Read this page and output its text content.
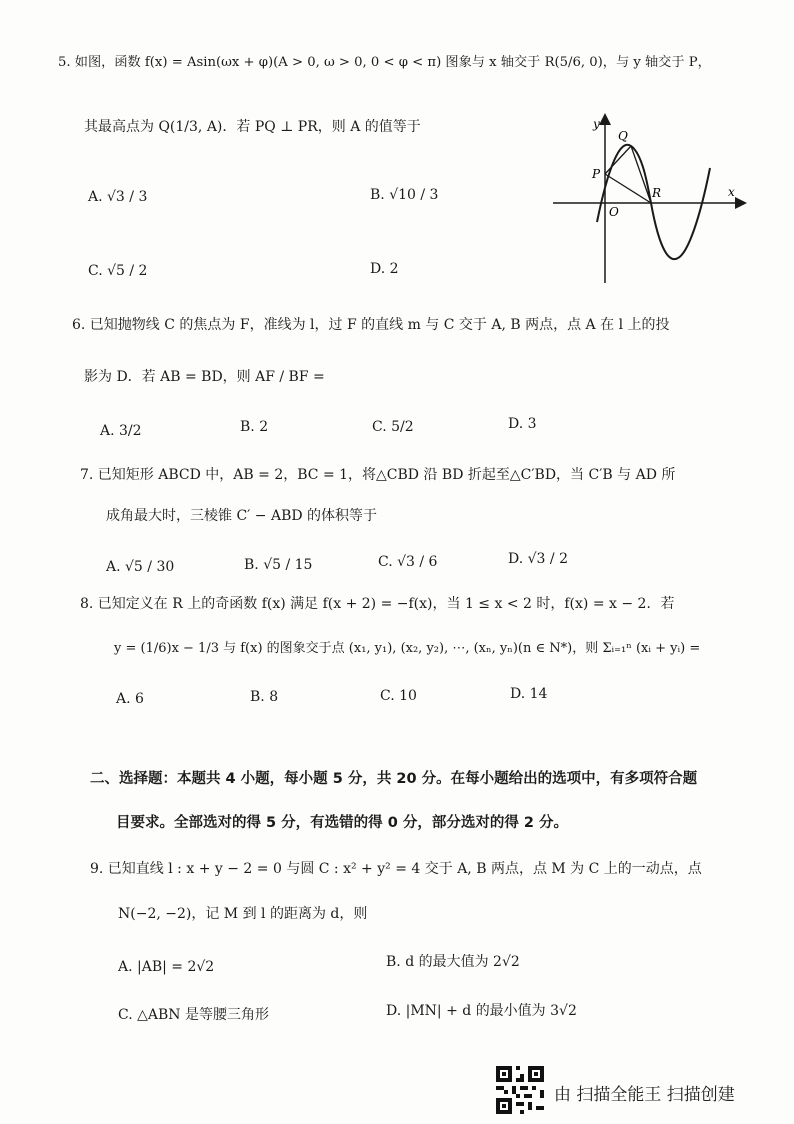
5. 如图，函数 f(x) = Asin(ωx + φ)(A > 0, ω > 0, 0 < φ < π) 图象与 x 轴交于 R(5/6, 0)，与 y 轴交于 P，
其最高点为 Q(1/3, A)．若 PQ ⊥ PR，则 A 的值等于
A. √3 / 3	B. √10 / 3
C. √5 / 2	D. 2
y
x
Q
P
R
O
6. 已知抛物线 C 的焦点为 F，准线为 l，过 F 的直线 m 与 C 交于 A, B 两点，点 A 在 l 上的投
影为 D．若 AB = BD，则 AF / BF =
A. 3/2	B. 2	C. 5/2	D. 3
7. 已知矩形 ABCD 中，AB = 2，BC = 1，将△CBD 沿 BD 折起至△C′BD，当 C′B 与 AD 所
成角最大时，三棱锥 C′ − ABD 的体积等于
A. √5 / 30	B. √5 / 15	C. √3 / 6	D. √3 / 2
8. 已知定义在 R 上的奇函数 f(x) 满足 f(x + 2) = −f(x)，当 1 ≤ x < 2 时，f(x) = x − 2．若
y = (1/6)x − 1/3 与 f(x) 的图象交于点 (x₁, y₁), (x₂, y₂), ⋯, (xₙ, yₙ)(n ∈ N*)，则 Σᵢ₌₁ⁿ (xᵢ + yᵢ) =
A. 6	B. 8	C. 10	D. 14
二、选择题：本题共 4 小题，每小题 5 分，共 20 分。在每小题给出的选项中，有多项符合题
目要求。全部选对的得 5 分，有选错的得 0 分，部分选对的得 2 分。
9. 已知直线 l : x + y − 2 = 0 与圆 C : x² + y² = 4 交于 A, B 两点，点 M 为 C 上的一动点，点
N(−2, −2)，记 M 到 l 的距离为 d，则
A. |AB| = 2√2	B. d 的最大值为 2√2
C. △ABN 是等腰三角形	D. |MN| + d 的最小值为 3√2
由 扫描全能王 扫描创建
